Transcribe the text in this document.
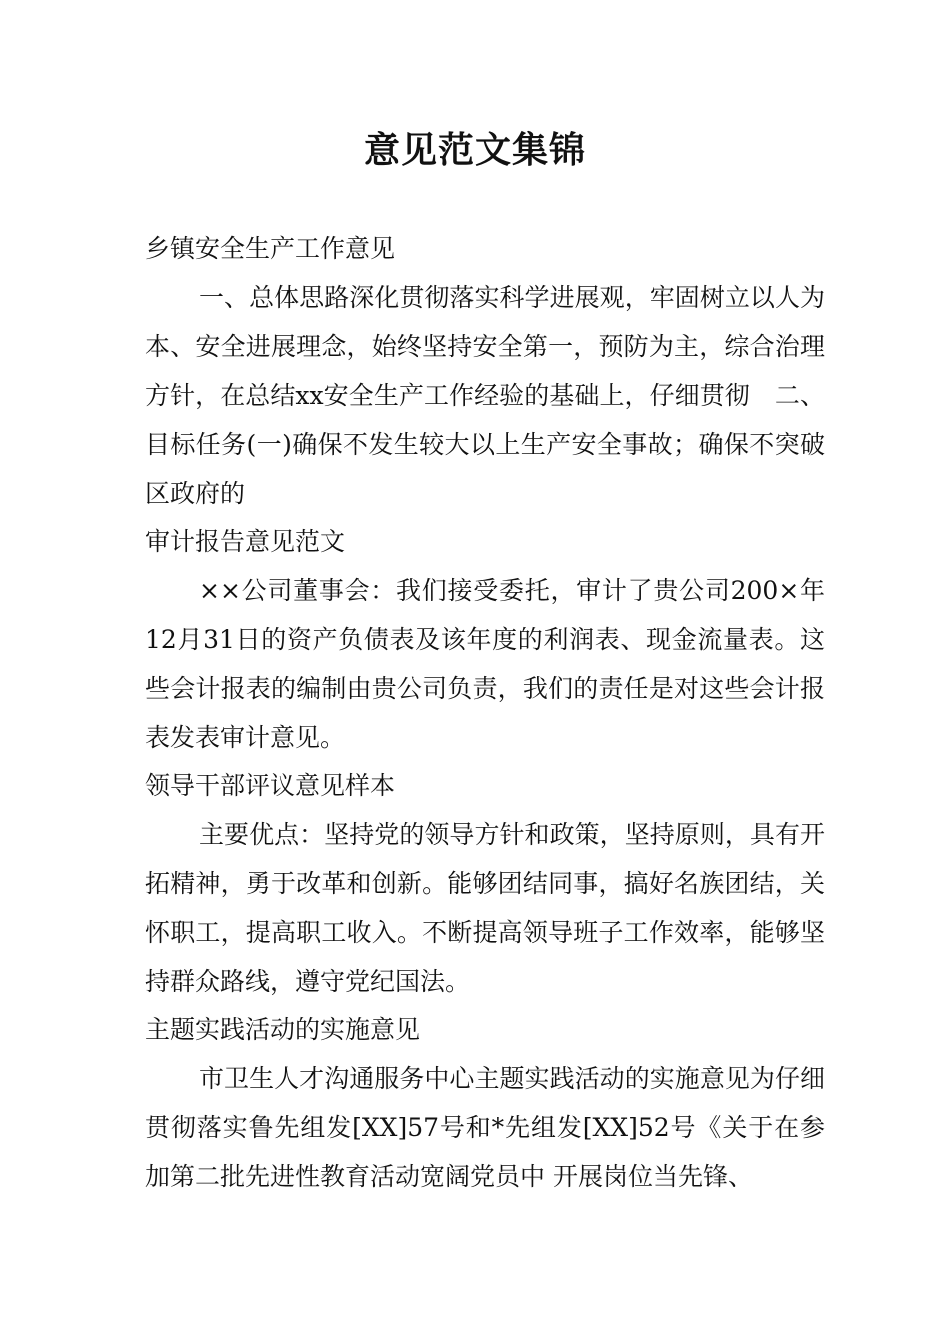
意见范文集锦

乡镇安全生产工作意见

一、总体思路深化贯彻落实科学进展观，牢固树立以人为本、安全进展理念，始终坚持安全第一，预防为主，综合治理方针，在总结xx安全生产工作经验的基础上，仔细贯彻　二、目标任务(一)确保不发生较大以上生产安全事故；确保不突破区政府的

审计报告意见范文

××公司董事会：我们接受委托，审计了贵公司200×年12月31日的资产负债表及该年度的利润表、现金流量表。这些会计报表的编制由贵公司负责，我们的责任是对这些会计报表发表审计意见。

领导干部评议意见样本

主要优点：坚持党的领导方针和政策，坚持原则，具有开拓精神，勇于改革和创新。能够团结同事，搞好名族团结，关怀职工，提高职工收入。不断提高领导班子工作效率，能够坚持群众路线，遵守党纪国法。

主题实践活动的实施意见

市卫生人才沟通服务中心主题实践活动的实施意见为仔细贯彻落实鲁先组发[XX]57号和*先组发[XX]52号《关于在参加第二批先进性教育活动宽阔党员中 开展岗位当先锋、
